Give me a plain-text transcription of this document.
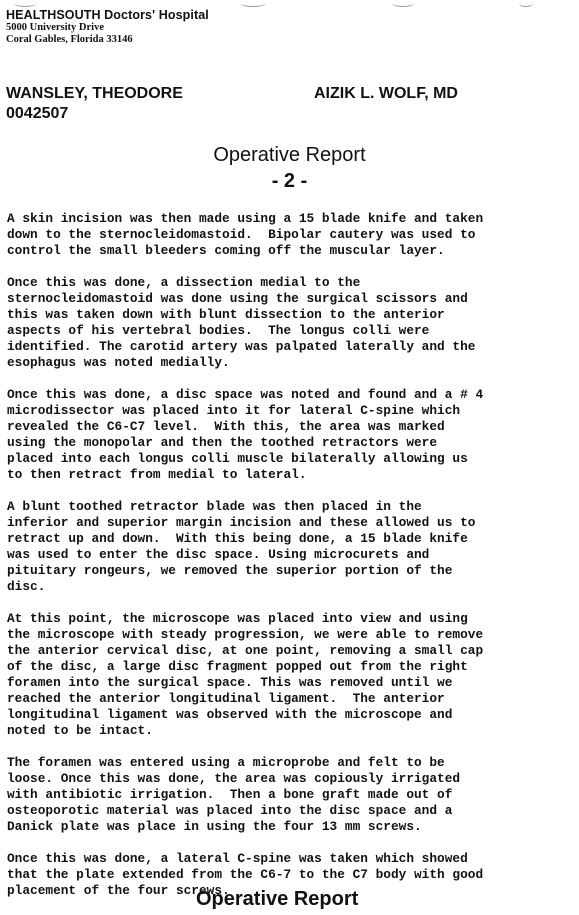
HEALTHSOUTH Doctors' Hospital
5000 University Drive
Coral Gables, Florida 33146
WANSLEY, THEODORE
0042507
AIZIK L. WOLF, MD
Operative Report
- 2 -

A skin incision was then made using a 15 blade knife and taken
down to the sternocleidomastoid.  Bipolar cautery was used to
control the small bleeders coming off the muscular layer.

Once this was done, a dissection medial to the
sternocleidomastoid was done using the surgical scissors and
this was taken down with blunt dissection to the anterior
aspects of his vertebral bodies.  The longus colli were
identified. The carotid artery was palpated laterally and the
esophagus was noted medially.

Once this was done, a disc space was noted and found and a # 4
microdissector was placed into it for lateral C-spine which
revealed the C6-C7 level.  With this, the area was marked
using the monopolar and then the toothed retractors were
placed into each longus colli muscle bilaterally allowing us
to then retract from medial to lateral.

A blunt toothed retractor blade was then placed in the
inferior and superior margin incision and these allowed us to
retract up and down.  With this being done, a 15 blade knife
was used to enter the disc space. Using microcurets and
pituitary rongeurs, we removed the superior portion of the
disc.

At this point, the microscope was placed into view and using
the microscope with steady progression, we were able to remove
the anterior cervical disc, at one point, removing a small cap
of the disc, a large disc fragment popped out from the right
foramen into the surgical space. This was removed until we
reached the anterior longitudinal ligament.  The anterior
longitudinal ligament was observed with the microscope and
noted to be intact.

The foramen was entered using a microprobe and felt to be
loose. Once this was done, the area was copiously irrigated
with antibiotic irrigation.  Then a bone graft made out of
osteoporotic material was placed into the disc space and a
Danick plate was place in using the four 13 mm screws.

Once this was done, a lateral C-spine was taken which showed
that the plate extended from the C6-7 to the C7 body with good
placement of the four screws.

Operative Report
